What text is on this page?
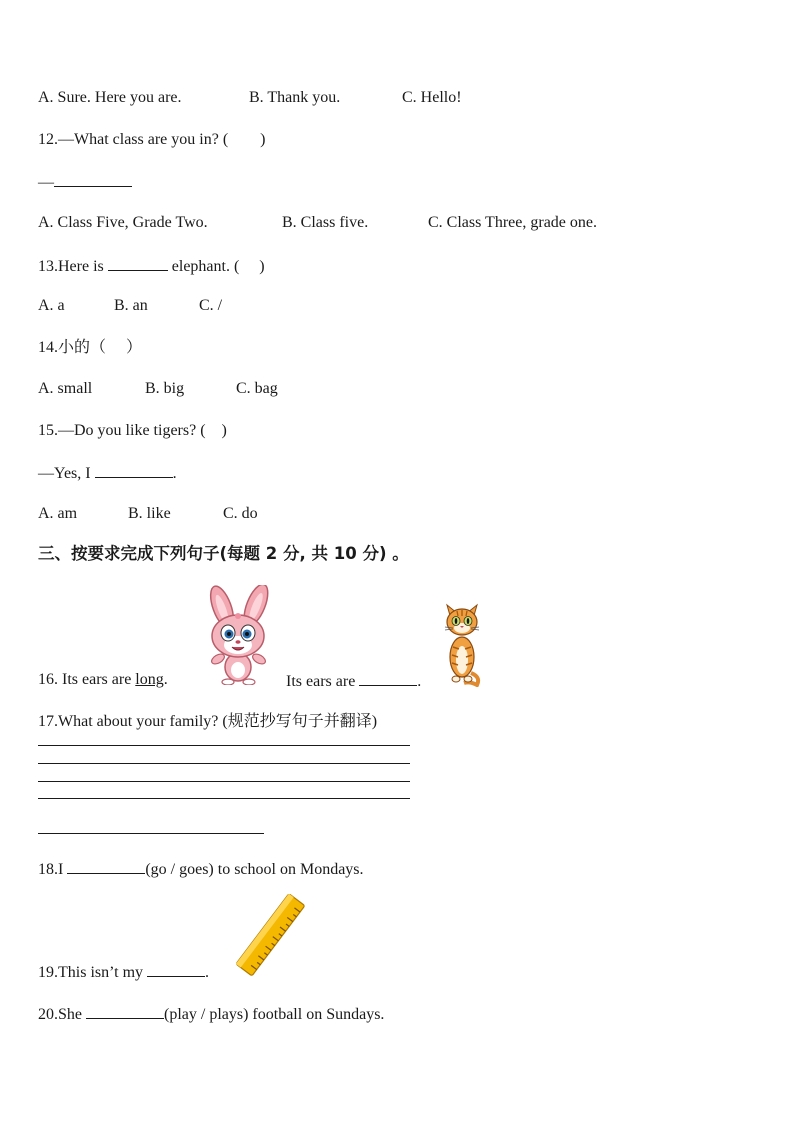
A. Sure. Here you are.	B. Thank you.	C. Hello!
12.—What class are you in? (　　)
—
A. Class Five, Grade Two.	B. Class five.	C. Class Three, grade one.
13.Here is	elephant. (　 )
A. a	B. an	C. /
14.小的（　 ）
A. small	B. big	C. bag
15.—Do you like tigers? (　)
—Yes, I	.
A. am	B. like	C. do
三、按要求完成下列句子(每题 2 分, 共 10 分) 。
16. Its ears are long.	Its ears are	.
17.What about your family? (规范抄写句子并翻译)
18.I	(go / goes) to school on Mondays.
19.This isn’t my	.
20.She	(play / plays) football on Sundays.
